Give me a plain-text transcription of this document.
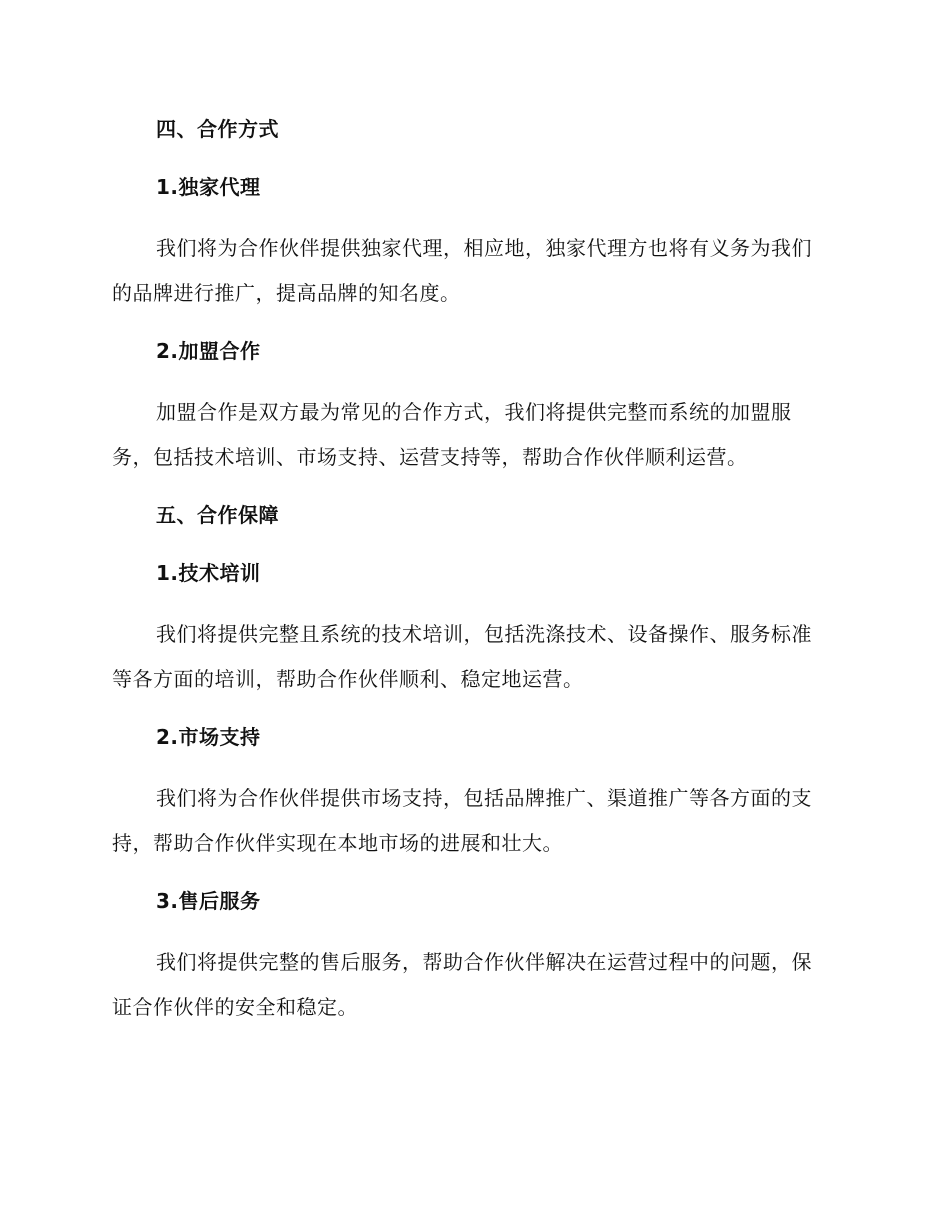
四、合作方式
1.独家代理
我们将为合作伙伴提供独家代理，相应地，独家代理方也将有义务为我们的品牌进行推广，提高品牌的知名度。
2.加盟合作
加盟合作是双方最为常见的合作方式，我们将提供完整而系统的加盟服务，包括技术培训、市场支持、运营支持等，帮助合作伙伴顺利运营。
五、合作保障
1.技术培训
我们将提供完整且系统的技术培训，包括洗涤技术、设备操作、服务标准等各方面的培训，帮助合作伙伴顺利、稳定地运营。
2.市场支持
我们将为合作伙伴提供市场支持，包括品牌推广、渠道推广等各方面的支持，帮助合作伙伴实现在本地市场的进展和壮大。
3.售后服务
我们将提供完整的售后服务，帮助合作伙伴解决在运营过程中的问题，保证合作伙伴的安全和稳定。
